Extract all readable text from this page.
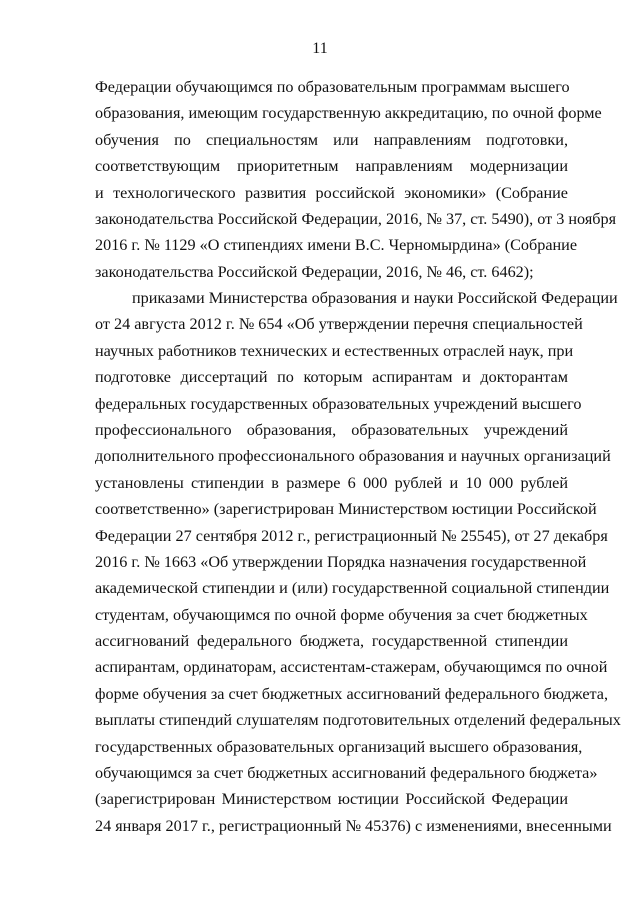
11
Федерации обучающимся по образовательным программам высшего
образования, имеющим государственную аккредитацию, по очной форме
обучения по специальностям или направлениям подготовки,
соответствующим приоритетным направлениям модернизации
и технологического развития российской экономики» (Собрание
законодательства Российской Федерации, 2016, № 37, ст. 5490), от 3 ноября
2016 г. № 1129 «О стипендиях имени В.С. Черномырдина» (Собрание
законодательства Российской Федерации, 2016, № 46, ст. 6462);
приказами Министерства образования и науки Российской Федерации
от 24 августа 2012 г. № 654 «Об утверждении перечня специальностей
научных работников технических и естественных отраслей наук, при
подготовке диссертаций по которым аспирантам и докторантам
федеральных государственных образовательных учреждений высшего
профессионального образования, образовательных учреждений
дополнительного профессионального образования и научных организаций
установлены стипендии в размере 6 000 рублей и 10 000 рублей
соответственно» (зарегистрирован Министерством юстиции Российской
Федерации 27 сентября 2012 г., регистрационный № 25545), от 27 декабря
2016 г. № 1663 «Об утверждении Порядка назначения государственной
академической стипендии и (или) государственной социальной стипендии
студентам, обучающимся по очной форме обучения за счет бюджетных
ассигнований федерального бюджета, государственной стипендии
аспирантам, ординаторам, ассистентам-стажерам, обучающимся по очной
форме обучения за счет бюджетных ассигнований федерального бюджета,
выплаты стипендий слушателям подготовительных отделений федеральных
государственных образовательных организаций высшего образования,
обучающимся за счет бюджетных ассигнований федерального бюджета»
(зарегистрирован Министерством юстиции Российской Федерации
24 января 2017 г., регистрационный № 45376) с изменениями, внесенными
